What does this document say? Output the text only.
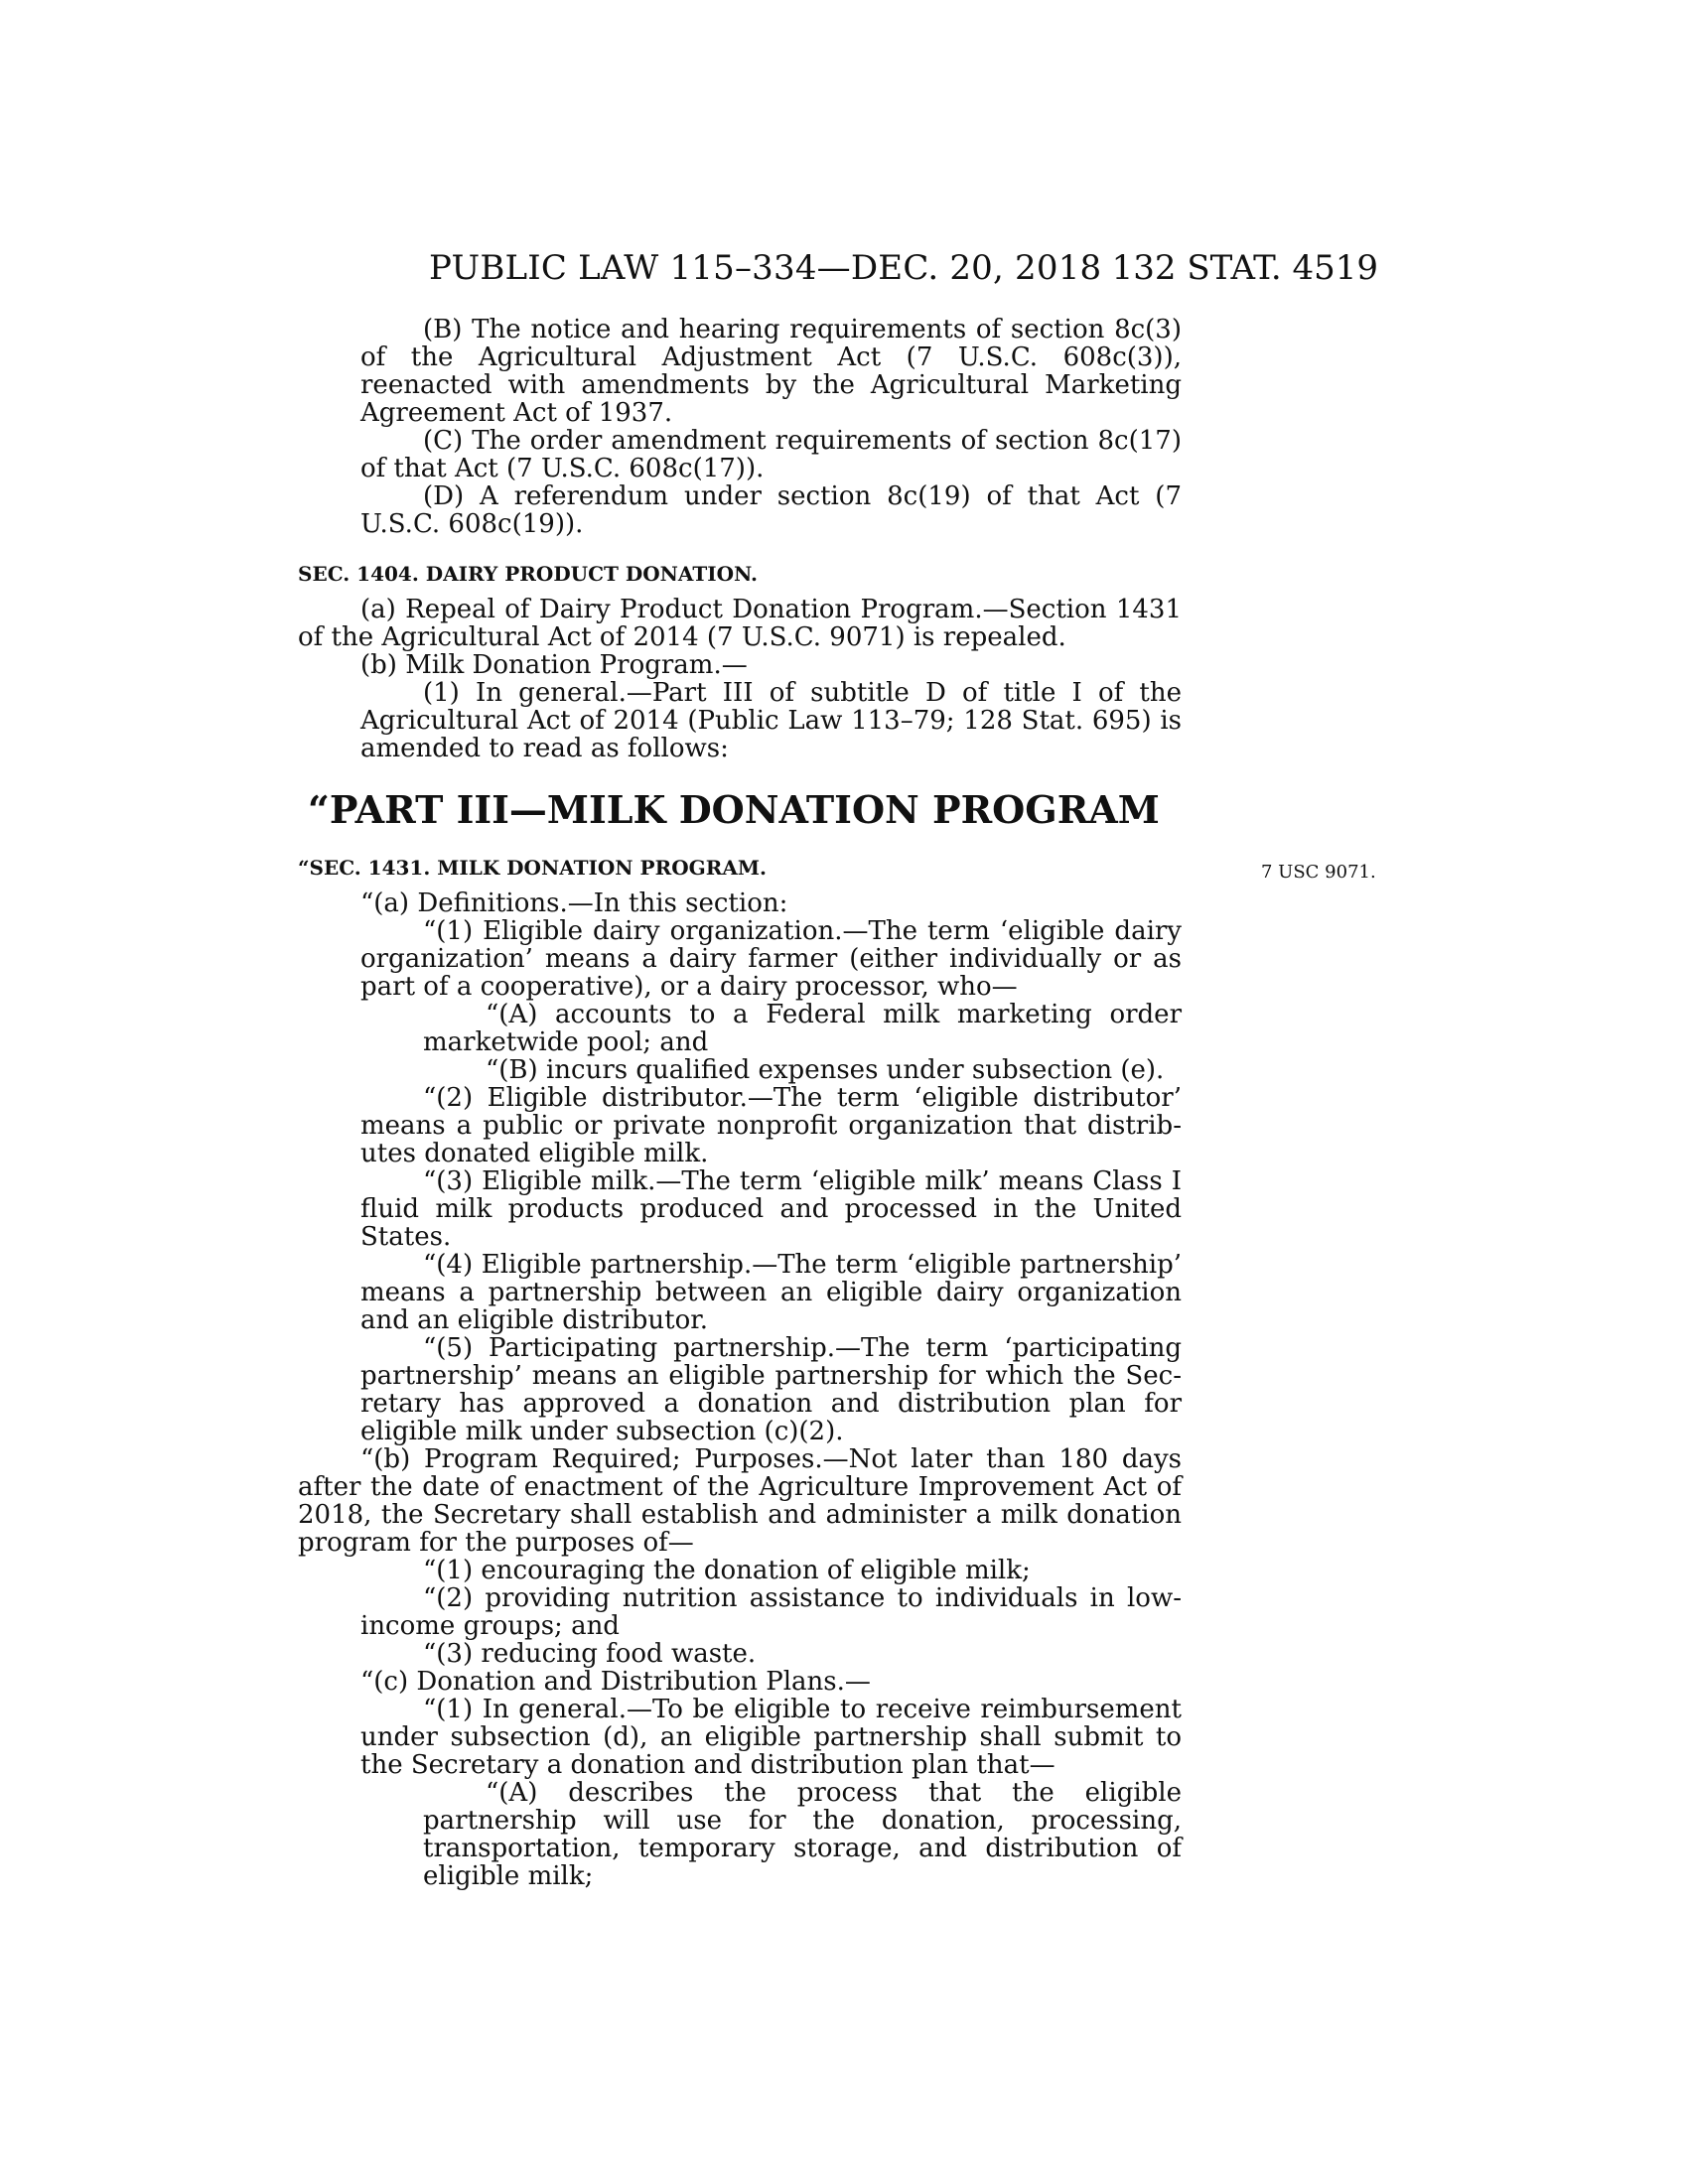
PUBLIC LAW 115–334—DEC. 20, 2018 132 STAT. 4519
7 USC 9071.

(B) The notice and hearing requirements of section 8c(3) of the Agricultural Adjustment Act (7 U.S.C. 608c(3)), reenacted with amendments by the Agricultural Marketing Agreement Act of 1937.

(C) The order amendment requirements of section 8c(17) of that Act (7 U.S.C. 608c(17)).

(D) A referendum under section 8c(19) of that Act (7 U.S.C. 608c(19)).

SEC. 1404. DAIRY PRODUCT DONATION.

(a) Repeal of Dairy Product Donation Program.—Section 1431 of the Agricultural Act of 2014 (7 U.S.C. 9071) is repealed.

(b) Milk Donation Program.—

(1) In general.—Part III of subtitle D of title I of the Agricultural Act of 2014 (Public Law 113–79; 128 Stat. 695) is amended to read as follows:

“PART III—MILK DONATION PROGRAM

“SEC. 1431. MILK DONATION PROGRAM.

“(a) Definitions.—In this section:

“(1) Eligible dairy organization.—The term ‘eligible dairy organization’ means a dairy farmer (either individually or as part of a cooperative), or a dairy processor, who—

“(A) accounts to a Federal milk marketing order marketwide pool; and

“(B) incurs qualified expenses under subsection (e).

“(2) Eligible distributor.—The term ‘eligible distributor’ means a public or private nonprofit organization that distributes donated eligible milk.

“(3) Eligible milk.—The term ‘eligible milk’ means Class I fluid milk products produced and processed in the United States.

“(4) Eligible partnership.—The term ‘eligible partnership’ means a partnership between an eligible dairy organization and an eligible distributor.

“(5) Participating partnership.—The term ‘participating partnership’ means an eligible partnership for which the Secretary has approved a donation and distribution plan for eligible milk under subsection (c)(2).

“(b) Program Required; Purposes.—Not later than 180 days after the date of enactment of the Agriculture Improvement Act of 2018, the Secretary shall establish and administer a milk donation program for the purposes of—

“(1) encouraging the donation of eligible milk;

“(2) providing nutrition assistance to individuals in low-income groups; and

“(3) reducing food waste.

“(c) Donation and Distribution Plans.—

“(1) In general.—To be eligible to receive reimbursement under subsection (d), an eligible partnership shall submit to the Secretary a donation and distribution plan that—

“(A) describes the process that the eligible partnership will use for the donation, processing, transportation, temporary storage, and distribution of eligible milk;
